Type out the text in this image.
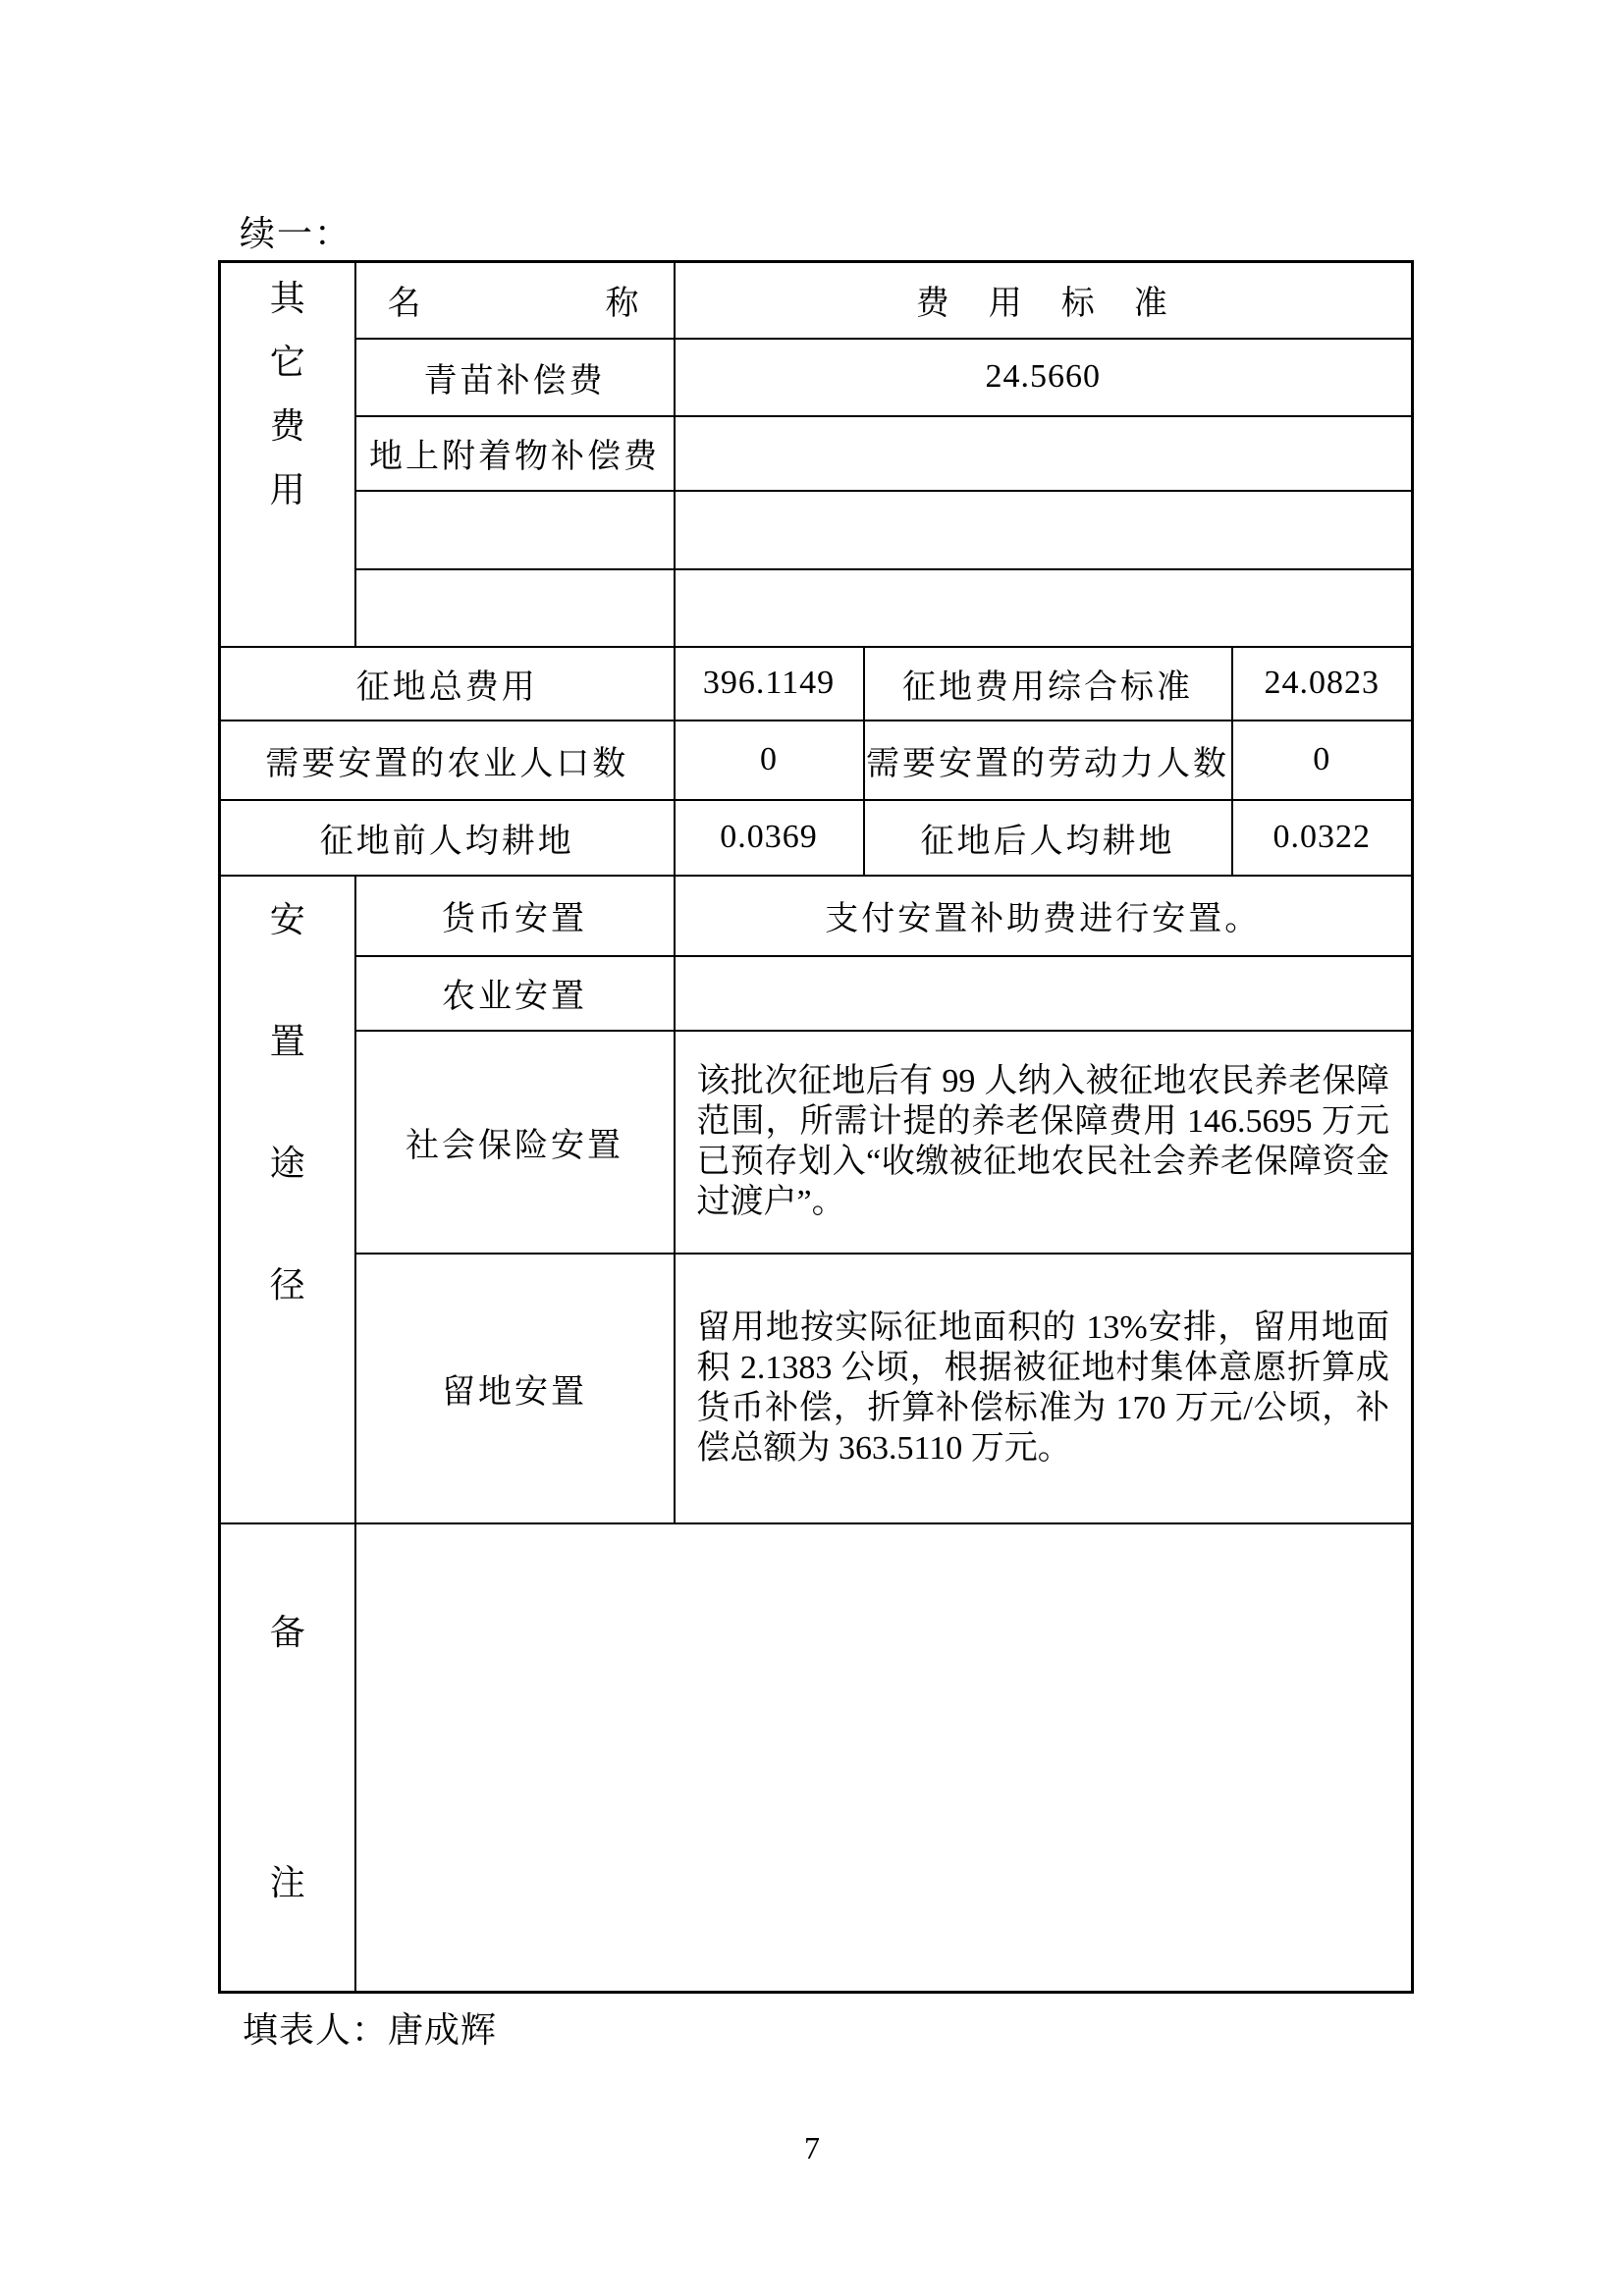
续一：
其
它
费
用	名　　　　　称	费　用　标　准		
	青苗补偿费	24.5660		
	地上附着物补偿费			

征地总费用		396.1149	征地费用综合标准	24.0823
需要安置的农业人口数		0	需要安置的劳动力人数	0
征地前人均耕地		0.0369	征地后人均耕地	0.0322

安
置
途
径	货币安置	支付安置补助费进行安置。		
	农业安置			
	社会保险安置	该批次征地后有 99 人纳入被征地农民养老保障范围，所需计提的养老保障费用 146.5695 万元已预存划入“收缴被征地农民社会养老保障资金过渡户”。		

	留地安置	留用地按实际征地面积的 13%安排，留用地面积 2.1383 公顷，根据被征地村集体意愿折算成货币补偿，折算补偿标准为 170 万元/公顷，补偿总额为 363.5110 万元。		

备
注				

填表人：唐成辉
7
